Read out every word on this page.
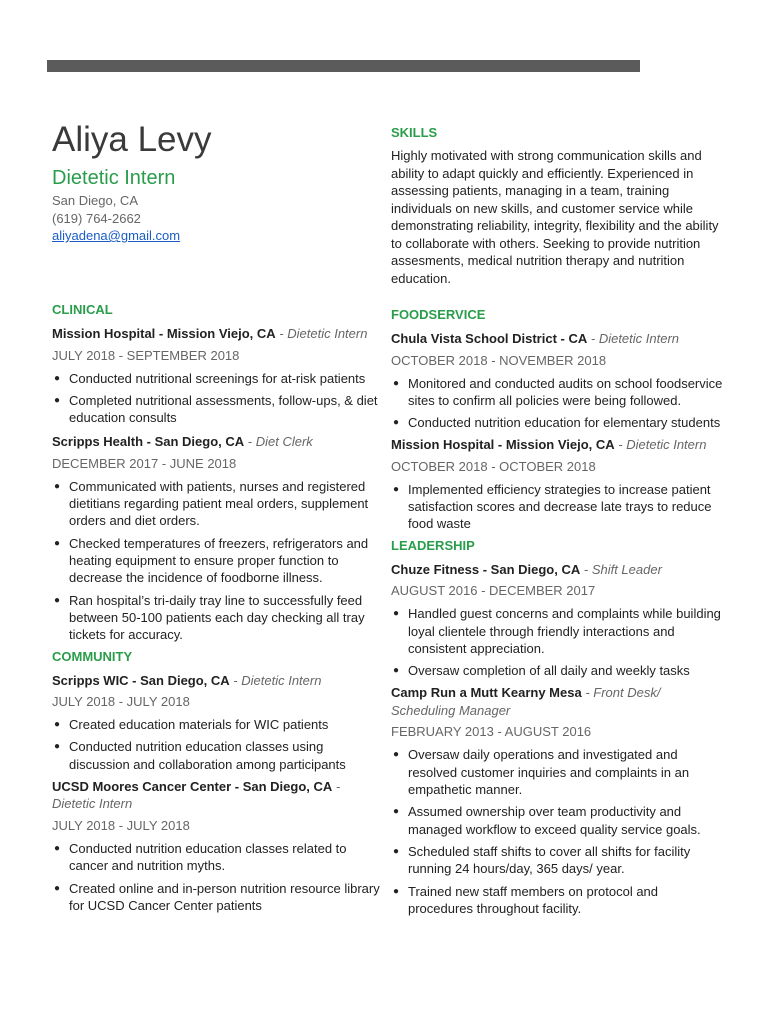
Aliya Levy
Dietetic Intern
San Diego, CA
(619) 764-2662
aliyadena@gmail.com
CLINICAL
Mission Hospital - Mission Viejo, CA - Dietetic Intern
JULY 2018 - SEPTEMBER 2018
● Conducted nutritional screenings for at-risk patients
● Completed nutritional assessments, follow-ups, & diet education consults
Scripps Health - San Diego, CA - Diet Clerk
DECEMBER 2017 - JUNE 2018
● Communicated with patients, nurses and registered dietitians regarding patient meal orders, supplement orders and diet orders.
● Checked temperatures of freezers, refrigerators and heating equipment to ensure proper function to decrease the incidence of foodborne illness.
● Ran hospital’s tri-daily tray line to successfully feed between 50-100 patients each day checking all tray tickets for accuracy.
COMMUNITY
Scripps WIC - San Diego, CA - Dietetic Intern
JULY 2018 - JULY 2018
● Created education materials for WIC patients
● Conducted nutrition education classes using discussion and collaboration among participants
UCSD Moores Cancer Center - San Diego, CA - Dietetic Intern
JULY 2018 - JULY 2018
● Conducted nutrition education classes related to cancer and nutrition myths.
● Created online and in-person nutrition resource library for UCSD Cancer Center patients
SKILLS
Highly motivated with strong communication skills and ability to adapt quickly and efficiently. Experienced in assessing patients, managing in a team, training individuals on new skills, and customer service while demonstrating reliability, integrity, flexibility and the ability to collaborate with others. Seeking to provide nutrition assesments, medical nutrition therapy and nutrition education.
FOODSERVICE
Chula Vista School District - CA - Dietetic Intern
OCTOBER 2018 - NOVEMBER 2018
● Monitored and conducted audits on school foodservice sites to confirm all policies were being followed.
● Conducted nutrition education for elementary students
Mission Hospital - Mission Viejo, CA - Dietetic Intern
OCTOBER 2018 - OCTOBER 2018
● Implemented efficiency strategies to increase patient satisfaction scores and decrease late trays to reduce food waste
LEADERSHIP
Chuze Fitness - San Diego, CA - Shift Leader
AUGUST 2016 - DECEMBER 2017
● Handled guest concerns and complaints while building loyal clientele through friendly interactions and consistent appreciation.
● Oversaw completion of all daily and weekly tasks
Camp Run a Mutt Kearny Mesa - Front Desk/ Scheduling Manager
FEBRUARY 2013 - AUGUST 2016
● Oversaw daily operations and investigated and resolved customer inquiries and complaints in an empathetic manner.
● Assumed ownership over team productivity and managed workflow to exceed quality service goals.
● Scheduled staff shifts to cover all shifts for facility running 24 hours/day, 365 days/ year.
● Trained new staff members on protocol and procedures throughout facility.
